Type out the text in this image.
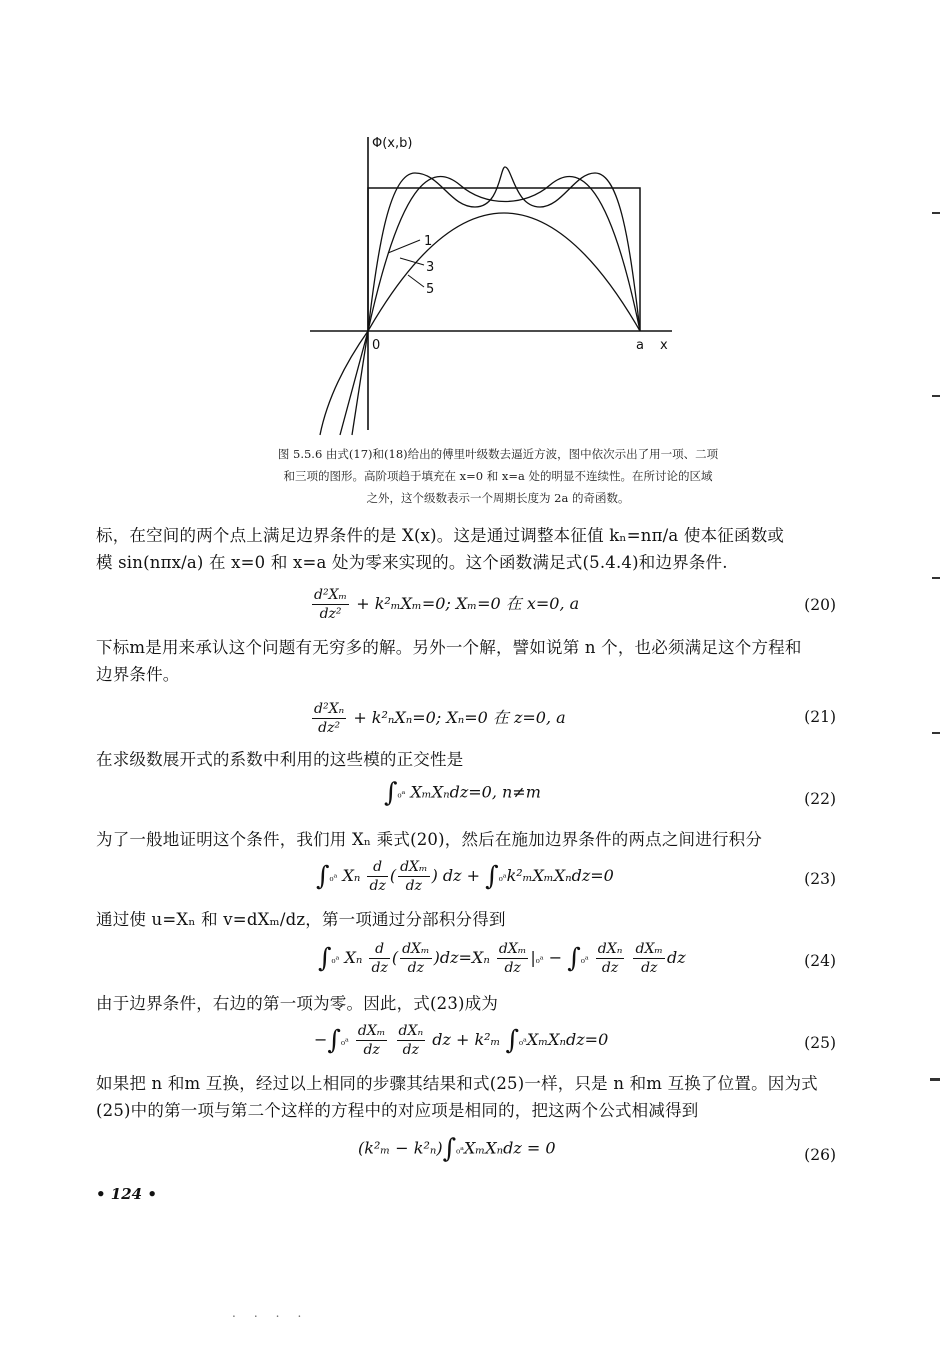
Φ(x,b)
0	a x
1
3
5
图 5.5.6 由式(17)和(18)给出的傅里叶级数去逼近方波，图中依次示出了用一项、二项
和三项的图形。高阶项趋于填充在 x=0 和 x=a 处的明显不连续性。在所讨论的区域
之外，这个级数表示一个周期长度为 2a 的奇函数。
标，在空间的两个点上满足边界条件的是 X(x)。这是通过调整本征值 kₙ=nπ/a 使本征函数或
模 sin(nπx/a) 在 x=0 和 x=a 处为零来实现的。这个函数满足式(5.4.4)和边界条件.
$\frac{\text{d²Xₘ}}{\text{dz²}} + k^2_mX_m=0$; Xₘ=0 在 x=0, a	(20)
下标m是用来承认这个问题有无穷多的解。另外一个解，譬如说第 n 个，也必须满足这个方程和
边界条件。
$\frac{\text{d²Xₙ}}{\text{dz²}} + k^2_nX_n=0$; Xₙ=0 在 z=0, a	(21)
在求级数展开式的系数中利用的这些模的正交性是
∫₀ᵃ XₘXₙdz=0, n≠m	(22)
为了一般地证明这个条件，我们用 Xₙ 乘式(20)，然后在施加边界条件的两点之间进行积分
∫₀ᵃ Xₙ $\frac{d}{dz}$ ( $\frac{\text{dXₘ}}{dz}$ ) dz + ∫₀ᵃk²ₘXₘXₙdz=0	(23)
通过使 u=Xₙ 和 v=dXₘ/dz，第一项通过分部积分得到
∫₀ᵃ Xₙ $\frac{d}{dz}$ ( $\frac{\text{dXₘ}}{dz} )dz=X_n \frac{\text{dXₘ}}{dz}$ |₀ᵃ − ∫₀ᵃ $\frac{\text{dXₙ}}{dz}$
$\frac{\text{dXₘ}}{dz}$ dz	(24)
由于边界条件，右边的第一项为零。因此，式(23)成为
−∫₀ᵃ $\frac{\text{dXₘ}}{dz}$
$\frac{\text{dXₙ}}{dz}$ dz + k²ₘ ∫₀ᵃXₘXₙdz=0	(25)
如果把 n 和m 互换，经过以上相同的步骤其结果和式(25)一样，只是 n 和m 互换了位置。因为式
(25)中的第一项与第二个这样的方程中的对应项是相同的，把这两个公式相减得到
(k²ₘ − k²ₙ)∫₀ᵃXₘXₙdz = 0	(26)
• 124 •
....
